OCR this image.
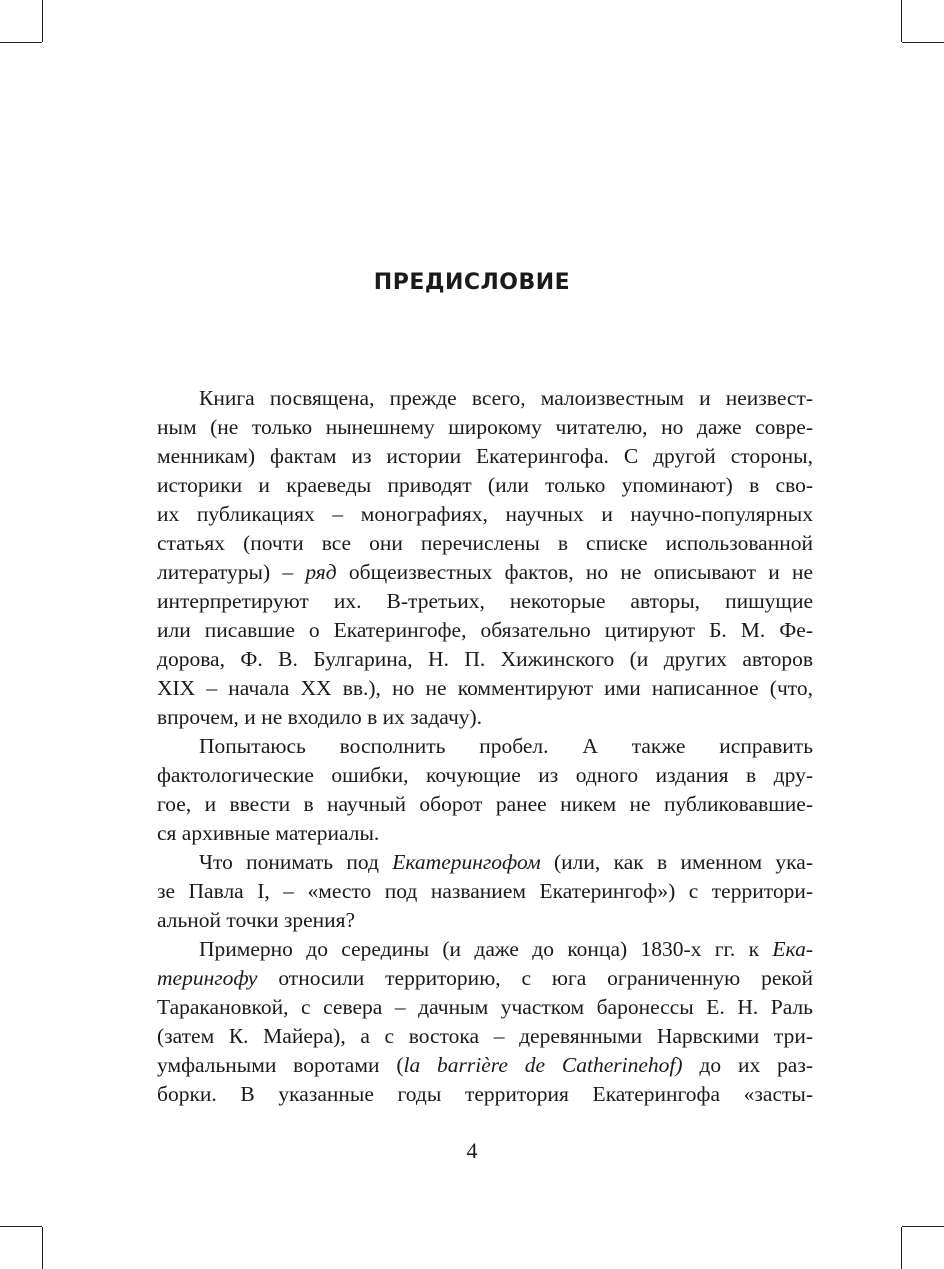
ПРЕДИСЛОВИЕ
Книга посвящена, прежде всего, малоизвестным и неизвест-
ным (не только нынешнему широкому читателю, но даже совре-
менникам) фактам из истории Екатерингофа. С другой стороны,
историки и краеведы приводят (или только упоминают) в сво-
их публикациях – монографиях, научных и научно-популярных
статьях (почти все они перечислены в списке использованной
литературы) – ряд общеизвестных фактов, но не описывают и не
интерпретируют их. В-третьих, некоторые авторы, пишущие
или писавшие о Екатерингофе, обязательно цитируют Б. М. Фе-
дорова, Ф. В. Булгарина, Н. П. Хижинского (и других авторов
XIX – начала XX вв.), но не комментируют ими написанное (что,
впрочем, и не входило в их задачу).
Попытаюсь восполнить пробел. А также исправить
фактологические ошибки, кочующие из одного издания в дру-
гое, и ввести в научный оборот ранее никем не публиковавшие-
ся архивные материалы.
Что понимать под Екатерингофом (или, как в именном ука-
зе Павла I, – «место под названием Екатерингоф») с территори-
альной точки зрения?
Примерно до середины (и даже до конца) 1830-х гг. к Ека-
терингофу относили территорию, с юга ограниченную рекой
Таракановкой, с севера – дачным участком баронессы Е. Н. Раль
(затем К. Майера), а с востока – деревянными Нарвскими три-
умфальными воротами (la barrière de Catherinehof) до их раз-
борки. В указанные годы территория Екатерингофа «засты-
4
